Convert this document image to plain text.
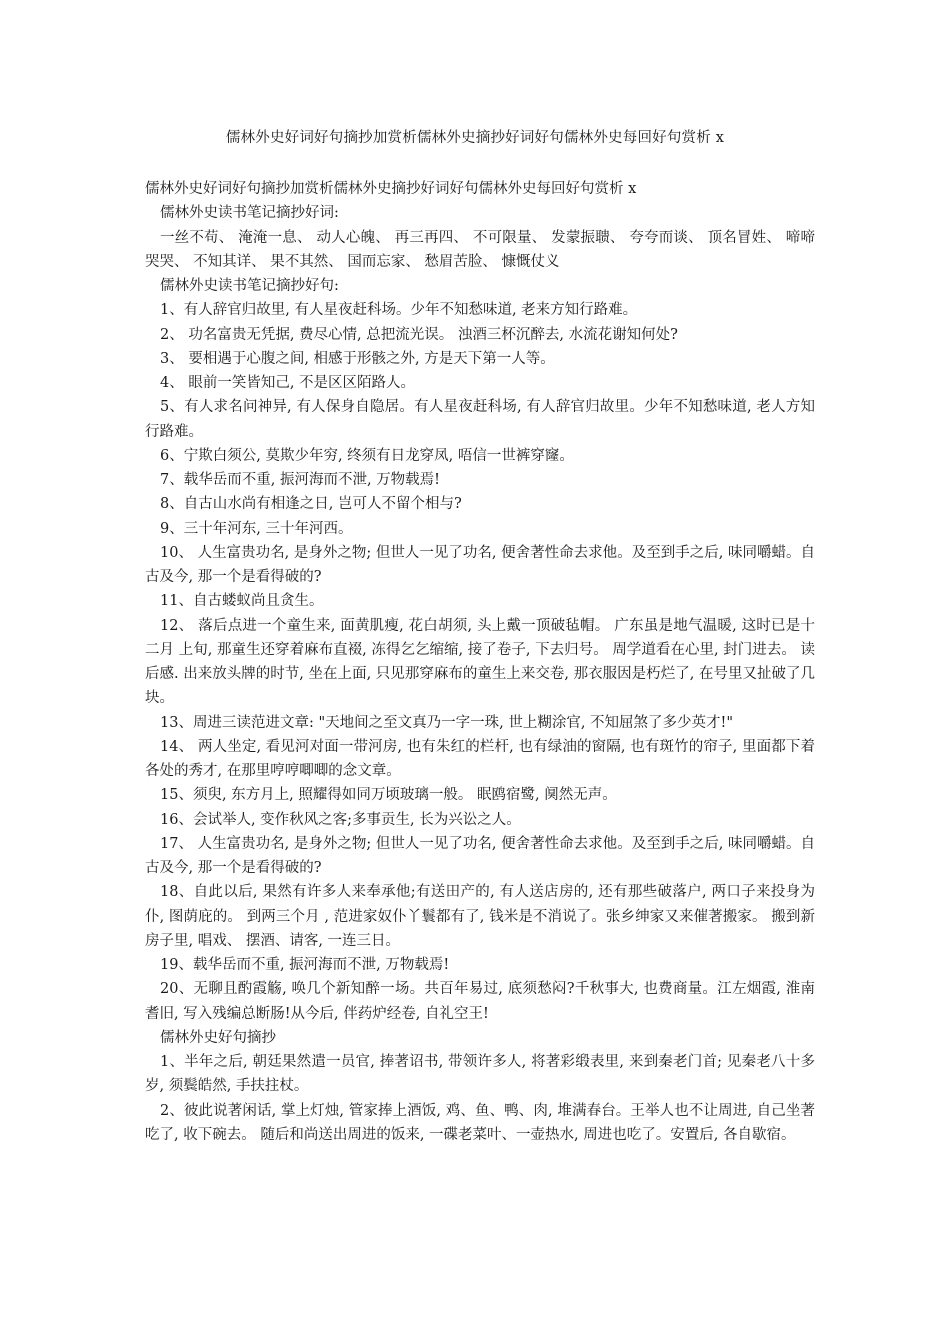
儒林外史好词好句摘抄加赏析儒林外史摘抄好词好句儒林外史每回好句赏析 x

儒林外史好词好句摘抄加赏析儒林外史摘抄好词好句儒林外史每回好句赏析 x

儒林外史读书笔记摘抄好词:

一丝不苟、 淹淹一息、 动人心魄、 再三再四、 不可限量、 发蒙振聩、 夸夸而谈、 顶名冒姓、 啼啼哭哭、 不知其详、 果不其然、 国而忘家、 愁眉苦脸、 慷慨仗义

儒林外史读书笔记摘抄好句:

1、有人辞官归故里, 有人星夜赶科场。少年不知愁味道, 老来方知行路难。

2、 功名富贵无凭据, 费尽心情, 总把流光误。 浊酒三杯沉醉去, 水流花谢知何处?

3、 要相遇于心腹之间, 相感于形骸之外, 方是天下第一人等。

4、 眼前一笑皆知己, 不是区区陌路人。

5、有人求名问神异, 有人保身自隐居。有人星夜赶科场, 有人辞官归故里。少年不知愁味道, 老人方知行路难。

6、宁欺白须公, 莫欺少年穷, 终须有日龙穿凤, 唔信一世裤穿窿。

7、载华岳而不重, 振河海而不泄, 万物载焉!

8、自古山水尚有相逢之日, 岂可人不留个相与?

9、三十年河东, 三十年河西。

10、 人生富贵功名, 是身外之物; 但世人一见了功名, 便舍著性命去求他。及至到手之后, 味同嚼蜡。自古及今, 那一个是看得破的?

11、自古蝼蚁尚且贪生。

12、 落后点进一个童生来, 面黄肌瘦, 花白胡须, 头上戴一顶破毡帽。 广东虽是地气温暖, 这时已是十二月 上旬, 那童生还穿着麻布直裰, 冻得乞乞缩缩, 接了卷子, 下去归号。 周学道看在心里, 封门进去。 读后感. 出来放头牌的时节, 坐在上面, 只见那穿麻布的童生上来交卷, 那衣服因是朽烂了, 在号里又扯破了几块。

13、周进三读范进文章: "天地间之至文真乃一字一珠, 世上糊涂官, 不知屈煞了多少英才!"

14、 两人坐定, 看见河对面一带河房, 也有朱红的栏杆, 也有绿油的窗隔, 也有斑竹的帘子, 里面都下着各处的秀才, 在那里哼哼唧唧的念文章。

15、须臾, 东方月上, 照耀得如同万顷玻璃一般。 眠鸥宿鹭, 阒然无声。

16、会试举人, 变作秋风之客;多事贡生, 长为兴讼之人。

17、 人生富贵功名, 是身外之物; 但世人一见了功名, 便舍著性命去求他。及至到手之后, 味同嚼蜡。自古及今, 那一个是看得破的?

18、自此以后, 果然有许多人来奉承他;有送田产的, 有人送店房的, 还有那些破落户, 两口子来投身为仆, 图荫庇的。 到两三个月 , 范进家奴仆丫鬟都有了, 钱米是不消说了。张乡绅家又来催著搬家。 搬到新房子里, 唱戏、 摆酒、请客, 一连三日。

19、载华岳而不重, 振河海而不泄, 万物载焉!

20、无聊且酌霞觞, 唤几个新知醉一场。共百年易过, 底须愁闷?千秋事大, 也费商量。江左烟霞, 淮南耆旧, 写入残编总断肠!从今后, 伴药炉经卷, 自礼空王!

儒林外史好句摘抄

1、半年之后, 朝廷果然遣一员官, 捧著诏书, 带领许多人, 将著彩缎表里, 来到秦老门首; 见秦老八十多岁, 须鬓皓然, 手扶拄杖。

2、彼此说著闲话, 掌上灯烛, 管家捧上酒饭, 鸡、鱼、鸭、肉, 堆满春台。王举人也不让周进, 自己坐著吃了, 收下碗去。 随后和尚送出周进的饭来, 一碟老菜叶、一壶热水, 周进也吃了。安置后, 各自歇宿。
